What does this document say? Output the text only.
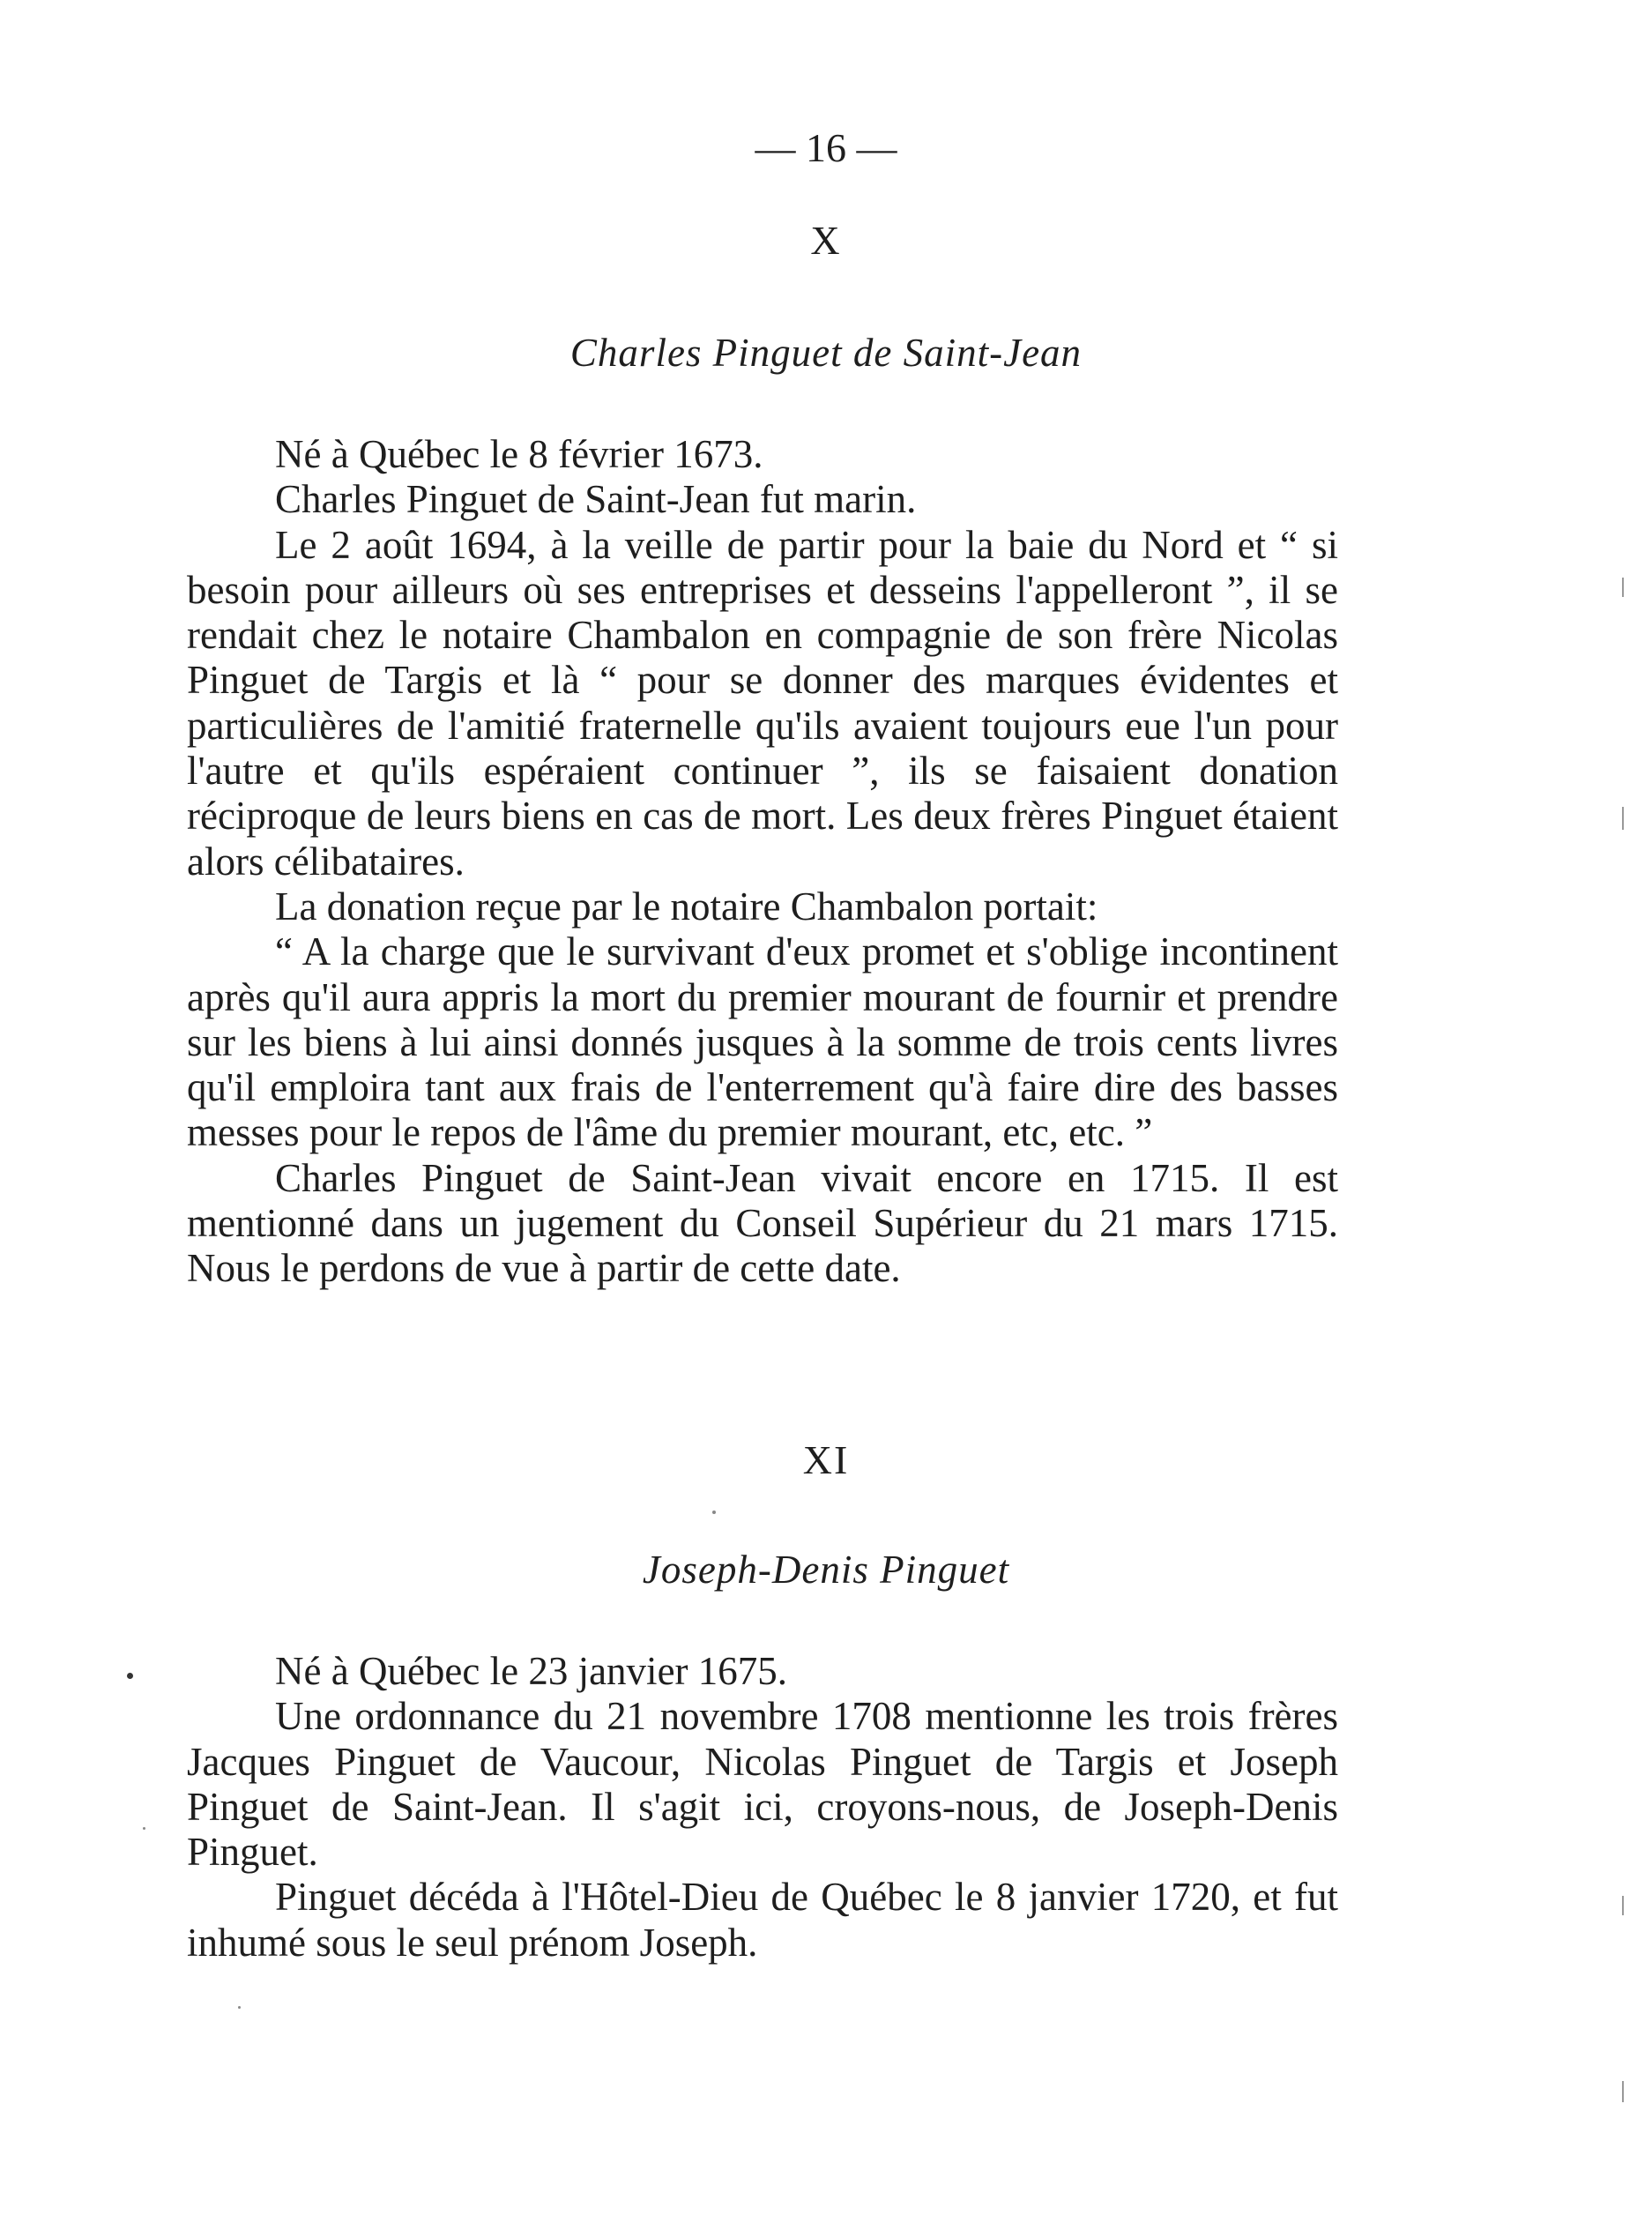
— 16 —
X
Charles Pinguet de Saint-Jean

Né à Québec le 8 février 1673.

Charles Pinguet de Saint-Jean fut marin.

Le 2 août 1694, à la veille de partir pour la baie du Nord et “ si besoin pour ailleurs où ses entreprises et desseins l'appelleront ”, il se rendait chez le notaire Chambalon en compagnie de son frère Nicolas Pinguet de Targis et là “ pour se donner des marques évidentes et particulières de l'amitié fraternelle qu'ils avaient toujours eue l'un pour l'autre et qu'ils espéraient continuer ”, ils se faisaient donation réciproque de leurs biens en cas de mort. Les deux frères Pinguet étaient alors célibataires.

La donation reçue par le notaire Chambalon portait:

“ A la charge que le survivant d'eux promet et s'oblige incontinent après qu'il aura appris la mort du premier mourant de fournir et prendre sur les biens à lui ainsi donnés jusques à la somme de trois cents livres qu'il emploira tant aux frais de l'enterrement qu'à faire dire des basses messes pour le repos de l'âme du premier mourant, etc, etc. ”

Charles Pinguet de Saint-Jean vivait encore en 1715. Il est mentionné dans un jugement du Conseil Supérieur du 21 mars 1715. Nous le perdons de vue à partir de cette date.

XI
Joseph-Denis Pinguet

Né à Québec le 23 janvier 1675.

Une ordonnance du 21 novembre 1708 mentionne les trois frères Jacques Pinguet de Vaucour, Nicolas Pinguet de Targis et Joseph Pinguet de Saint-Jean. Il s'agit ici, croyons-nous, de Joseph-Denis Pinguet.

Pinguet décéda à l'Hôtel-Dieu de Québec le 8 janvier 1720, et fut inhumé sous le seul prénom Joseph.
